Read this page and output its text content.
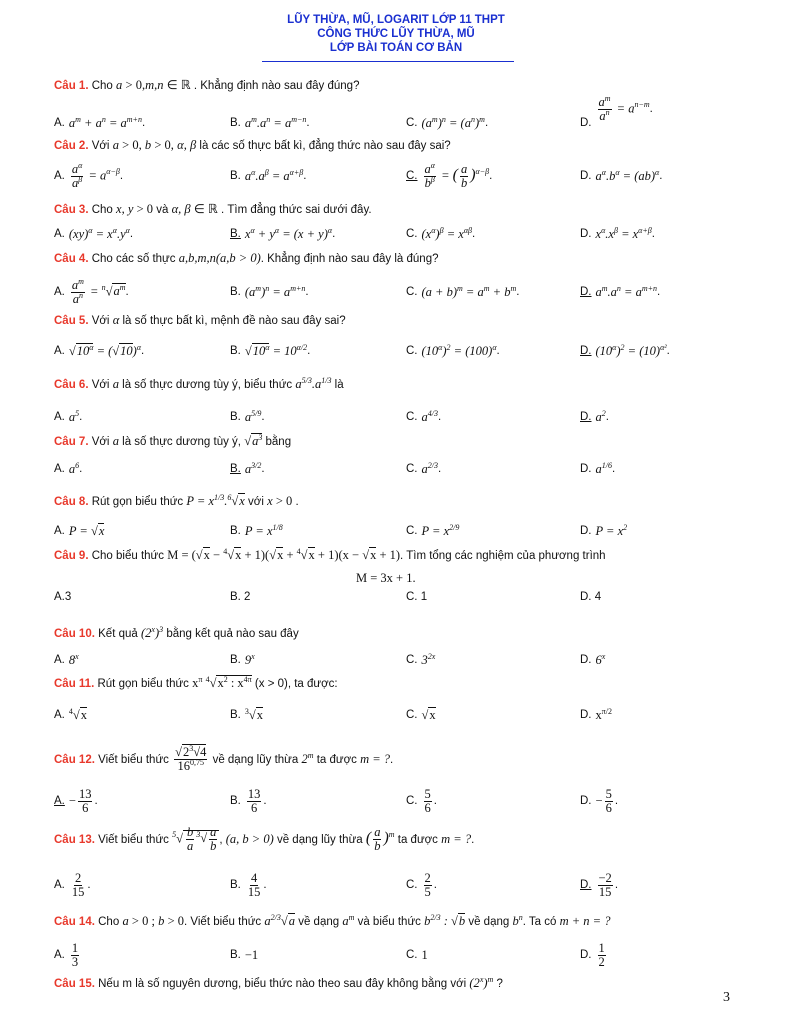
LŨY THỪA, MŨ, LOGARIT LỚP 11 THPT
CÔNG THỨC LŨY THỪA, MŨ
LỚP BÀI TOÁN CƠ BẢN
Câu 1. Cho a > 0,m,n ∈ ℝ . Khẳng định nào sau đây đúng?
A. $a^m + a^n = a^{m+n}$ .	B. $a^m.a^n = a^{m-n}$ .	C. $(a^m)^n = (a^n)^m$ .	D.
$\frac{a^m}{a^n} = a^{n-m}$ .
Câu 2. Với a > 0, b > 0, α, β là các số thực bất kì, đẳng thức nào sau đây sai?
A. $\frac{a^\alpha}{a^\beta} = a^{\alpha-\beta}$ .	B. $a^\alpha.a^\beta = a^{\alpha+\beta}$ .	C. $\frac{a^\alpha}{b^\beta}$ = ( $\frac{a}{b} )^{\alpha-\beta}$ .	D. $a^\alpha.b^\alpha = (ab)^\alpha$ .
Câu 3. Cho x, y > 0 và α, β ∈ ℝ . Tìm đẳng thức sai dưới đây.
A. $(xy)^\alpha = x^\alpha.y^\alpha$ .	B. $x^\alpha + y^\alpha = (x + y)^\alpha$ .	C. $(x^\alpha)^\beta = x^{\alpha\beta}$ .	D. $x^\alpha.x^\beta = x^{\alpha+\beta}$ .
Câu 4. Cho các số thực a,b,m,n(a,b > 0). Khẳng định nào sau đây là đúng?
A. $\frac{a^m}{a^n} = ^n√a^m$ .	B. $(a^m)^n = a^{m+n}$ .	C. $(a + b)^m = a^m + b^m$ .	D. $a^m.a^n = a^{m+n}$ .
Câu 5. Với α là số thực bất kì, mệnh đề nào sau đây sai?
A. $√10^\alpha = (√10)^\alpha$ .	B. $√10^\alpha = 10^{\alpha/2}$ .	C. $(10^\alpha)^2 = (100)^\alpha$ .	D. $(10^\alpha)^2 = (10)^{\alpha^2}$ .
Câu 6. Với a là số thực dương tùy ý, biểu thức $a^{5/3}.a^{1/3}$ là
A. $a^5$ .	B. $a^{5/9}$ .	C. $a^{4/3}$ .	D. $a^2$ .
Câu 7. Với a là số thực dương tùy ý, $√a^3$ bằng
A. $a^6$ .	B. $a^{3/2}$ .	C. $a^{2/3}$ .	D. $a^{1/6}$ .
Câu 8. Rút gọn biểu thức $P = x^{1/3}.^6√x$ với x > 0 .
A. P = √x	B. $P = x^{1/8}$	C. $P = x^{2/9}$	D. $P = x^2$
Câu 9. Cho biểu thức M = (√x − $^4$√x + 1)(√x + $^4$√x + 1)(x − √x + 1). Tìm tổng các nghiệm của phương trình
M = 3x + 1.
A.3	B. 2	C. 1	D. 4
Câu 10. Kết quả $(2^x)^3$ bằng kết quả nào sau đây
A. 8$^x$	B. 9$^x$	C. $3^{2x}$	D. 6$^x$
Câu 11. Rút gọn biểu thức $x^\pi$ $^4√x^2$ : $x^{4\pi}$ (x > 0), ta được:
A. $^4$√x	B. $^3$√x	C. √x	D. $x^{\pi/2}$
Câu 12.
Viết biểu thức
$\frac{√2^3√4}{16^{0,75}}$
về dạng lũy thừa
2$^m$
ta được
m = ? .
A. − $\frac{13}{6}$ .	B. $\frac{13}{6}$ .	C. $\frac{5}{6}$ .	D. − $\frac{5}{6}$ .
Câu 13.
Viết biểu thức
$^5√ \frac{b}{a} ^3√ \frac{a}{b}$ , (a, b > 0)
về dạng lũy thừa
( $\frac{a}{b} )^m$
ta được
m = ? .
A. $\frac{2}{15}$ .	B. $\frac{4}{15}$ .	C. $\frac{2}{5}$ .	D. $\frac{-2}{15}$ .
Câu 14. Cho a > 0 ; b > 0. Viết biểu thức $a^{2/3}√a$ về dạng $a^m$ và biểu thức $b^{2/3}$ : √b về dạng $b^n$. Ta có m + n = ?
A. $\frac{1}{3}$	B. −1	C. 1	D. $\frac{1}{2}$
Câu 15. Nếu m là số nguyên dương, biểu thức nào theo sau đây không bằng với $(2^x)^m$ ?
3
